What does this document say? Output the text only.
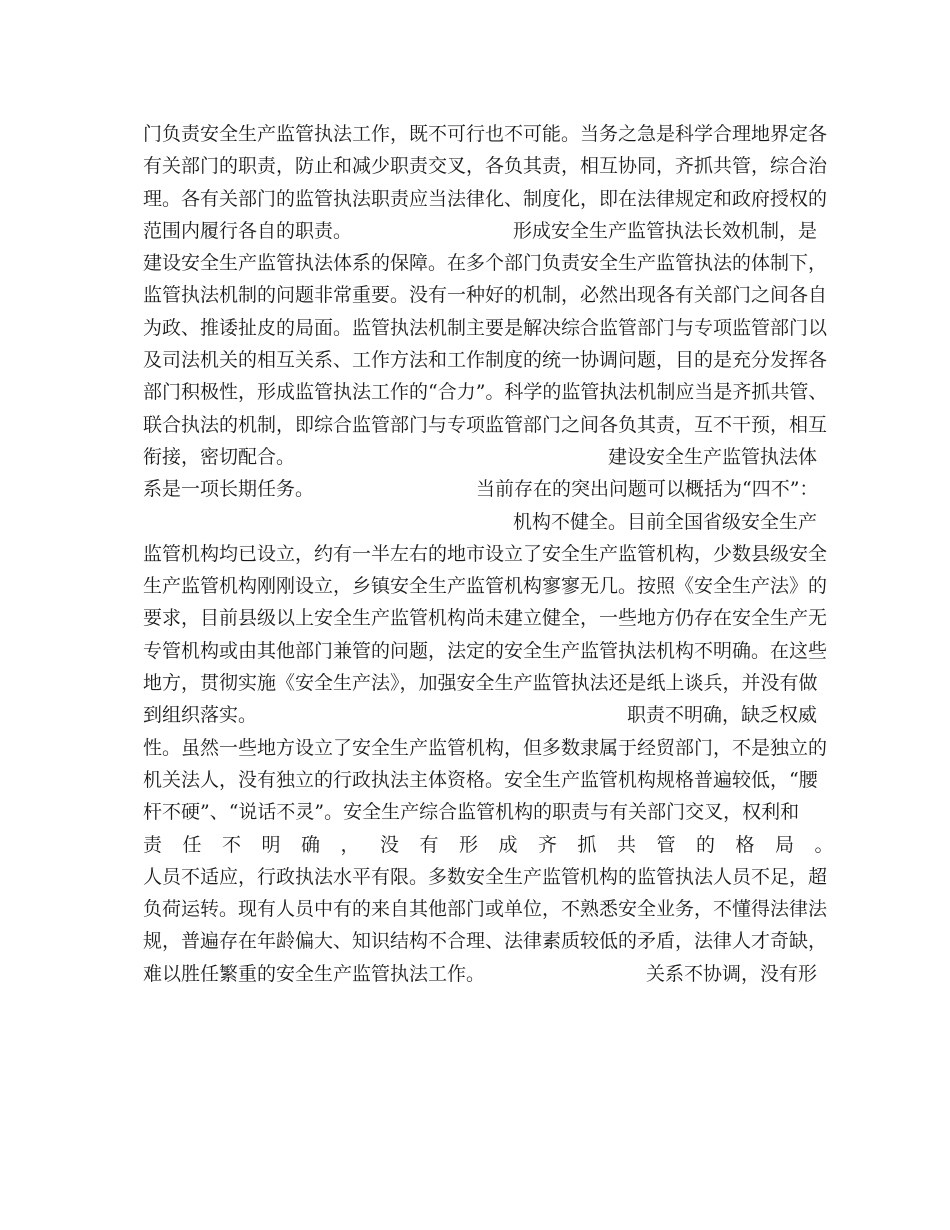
门负责安全生产监管执法工作，既不可行也不可能。当务之急是科学合理地界定各
有关部门的职责，防止和减少职责交叉，各负其责，相互协同，齐抓共管，综合治
理。各有关部门的监管执法职责应当法律化、制度化，即在法律规定和政府授权的
范围内履行各自的职责。	形成安全生产监管执法长效机制，是
建设安全生产监管执法体系的保障。在多个部门负责安全生产监管执法的体制下，
监管执法机制的问题非常重要。没有一种好的机制，必然出现各有关部门之间各自
为政、推诿扯皮的局面。监管执法机制主要是解决综合监管部门与专项监管部门以
及司法机关的相互关系、工作方法和工作制度的统一协调问题，目的是充分发挥各
部门积极性，形成监管执法工作的“合力”。科学的监管执法机制应当是齐抓共管、
联合执法的机制，即综合监管部门与专项监管部门之间各负其责，互不干预，相互
衔接，密切配合。	建设安全生产监管执法体
系是一项长期任务。	当前存在的突出问题可以概括为“四不”：
机构不健全。目前全国省级安全生产
监管机构均已设立，约有一半左右的地市设立了安全生产监管机构，少数县级安全
生产监管机构刚刚设立，乡镇安全生产监管机构寥寥无几。按照《安全生产法》的
要求，目前县级以上安全生产监管机构尚未建立健全，一些地方仍存在安全生产无
专管机构或由其他部门兼管的问题，法定的安全生产监管执法机构不明确。在这些
地方，贯彻实施《安全生产法》，加强安全生产监管执法还是纸上谈兵，并没有做
到组织落实。	职责不明确，缺乏权威
性。虽然一些地方设立了安全生产监管机构，但多数隶属于经贸部门，不是独立的
机关法人，没有独立的行政执法主体资格。安全生产监管机构规格普遍较低，“腰
杆不硬”、“说话不灵”。安全生产综合监管机构的职责与有关部门交叉，权利和
责任不明确，没有形成齐抓共管的格局。
人员不适应，行政执法水平有限。多数安全生产监管机构的监管执法人员不足，超
负荷运转。现有人员中有的来自其他部门或单位，不熟悉安全业务，不懂得法律法
规，普遍存在年龄偏大、知识结构不合理、法律素质较低的矛盾，法律人才奇缺，
难以胜任繁重的安全生产监管执法工作。	关系不协调，没有形
